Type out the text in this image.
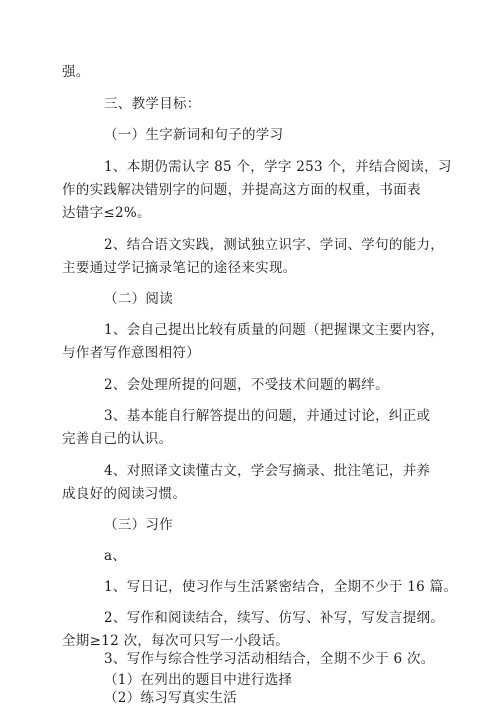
强。
三、教学目标：
（一）生字新词和句子的学习
1、本期仍需认字 85 个，学字 253 个，并结合阅读，习
作的实践解决错别字的问题，并提高这方面的权重，书面表
达错字≤2%。
2、结合语文实践，测试独立识字、学词、学句的能力，
主要通过学记摘录笔记的途径来实现。
（二）阅读
1、会自己提出比较有质量的问题（把握课文主要内容，
与作者写作意图相符）
2、会处理所提的问题，不受技术问题的羁绊。
3、基本能自行解答提出的问题，并通过讨论，纠正或
完善自己的认识。
4、对照译文读懂古文，学会写摘录、批注笔记，并养
成良好的阅读习惯。
（三）习作
a、
1、写日记，使习作与生活紧密结合，全期不少于 16 篇。
2、写作和阅读结合，续写、仿写、补写，写发言提纲。
全期≥12 次，每次可只写一小段话。
3、写作与综合性学习活动相结合，全期不少于 6 次。
（1）在列出的题目中进行选择
（2）练习写真实生活
